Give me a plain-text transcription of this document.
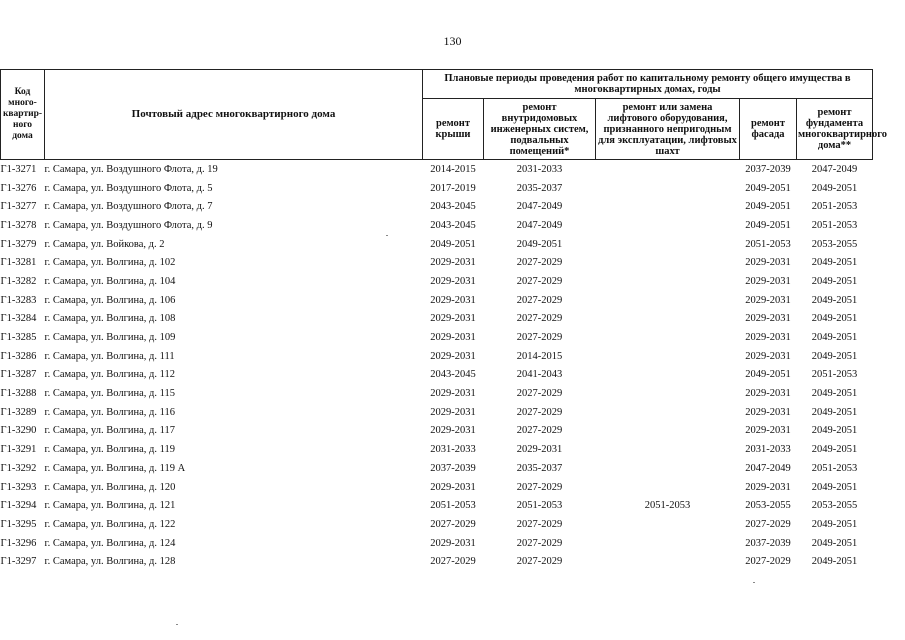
130
Код много-квартир-ного дома	Почтовый адрес многоквартирного дома	Плановые периоды проведения работ по капитальному ремонту общего имущества в многоквартирных домах, годы				
		ремонт крыши	ремонт внутридомовых инженерных систем, подвальных помещений*	ремонт или замена лифтового оборудования, признанного непригодным для эксплуатации, лифтовых шахт	ремонт фасада	ремонт фундамента многоквартирного дома**
Г1-3271	г. Самара, ул. Воздушного Флота, д. 19	2014-2015	2031-2033		2037-2039	2047-2049
Г1-3276	г. Самара, ул. Воздушного Флота, д. 5	2017-2019	2035-2037		2049-2051	2049-2051
Г1-3277	г. Самара, ул. Воздушного Флота, д. 7	2043-2045	2047-2049		2049-2051	2051-2053
Г1-3278	г. Самара, ул. Воздушного Флота, д. 9	2043-2045	2047-2049		2049-2051	2051-2053
Г1-3279	г. Самара, ул. Войкова, д. 2	2049-2051	2049-2051		2051-2053	2053-2055
Г1-3281	г. Самара, ул. Волгина, д. 102	2029-2031	2027-2029		2029-2031	2049-2051
Г1-3282	г. Самара, ул. Волгина, д. 104	2029-2031	2027-2029		2029-2031	2049-2051
Г1-3283	г. Самара, ул. Волгина, д. 106	2029-2031	2027-2029		2029-2031	2049-2051
Г1-3284	г. Самара, ул. Волгина, д. 108	2029-2031	2027-2029		2029-2031	2049-2051
Г1-3285	г. Самара, ул. Волгина, д. 109	2029-2031	2027-2029		2029-2031	2049-2051
Г1-3286	г. Самара, ул. Волгина, д. 111	2029-2031	2014-2015		2029-2031	2049-2051
Г1-3287	г. Самара, ул. Волгина, д. 112	2043-2045	2041-2043		2049-2051	2051-2053
Г1-3288	г. Самара, ул. Волгина, д. 115	2029-2031	2027-2029		2029-2031	2049-2051
Г1-3289	г. Самара, ул. Волгина, д. 116	2029-2031	2027-2029		2029-2031	2049-2051
Г1-3290	г. Самара, ул. Волгина, д. 117	2029-2031	2027-2029		2029-2031	2049-2051
Г1-3291	г. Самара, ул. Волгина, д. 119	2031-2033	2029-2031		2031-2033	2049-2051
Г1-3292	г. Самара, ул. Волгина, д. 119 А	2037-2039	2035-2037		2047-2049	2051-2053
Г1-3293	г. Самара, ул. Волгина, д. 120	2029-2031	2027-2029		2029-2031	2049-2051
Г1-3294	г. Самара, ул. Волгина, д. 121	2051-2053	2051-2053	2051-2053	2053-2055	2053-2055
Г1-3295	г. Самара, ул. Волгина, д. 122	2027-2029	2027-2029		2027-2029	2049-2051
Г1-3296	г. Самара, ул. Волгина, д. 124	2029-2031	2027-2029		2037-2039	2049-2051
Г1-3297	г. Самара, ул. Волгина, д. 128	2027-2029	2027-2029		2027-2029	2049-2051
